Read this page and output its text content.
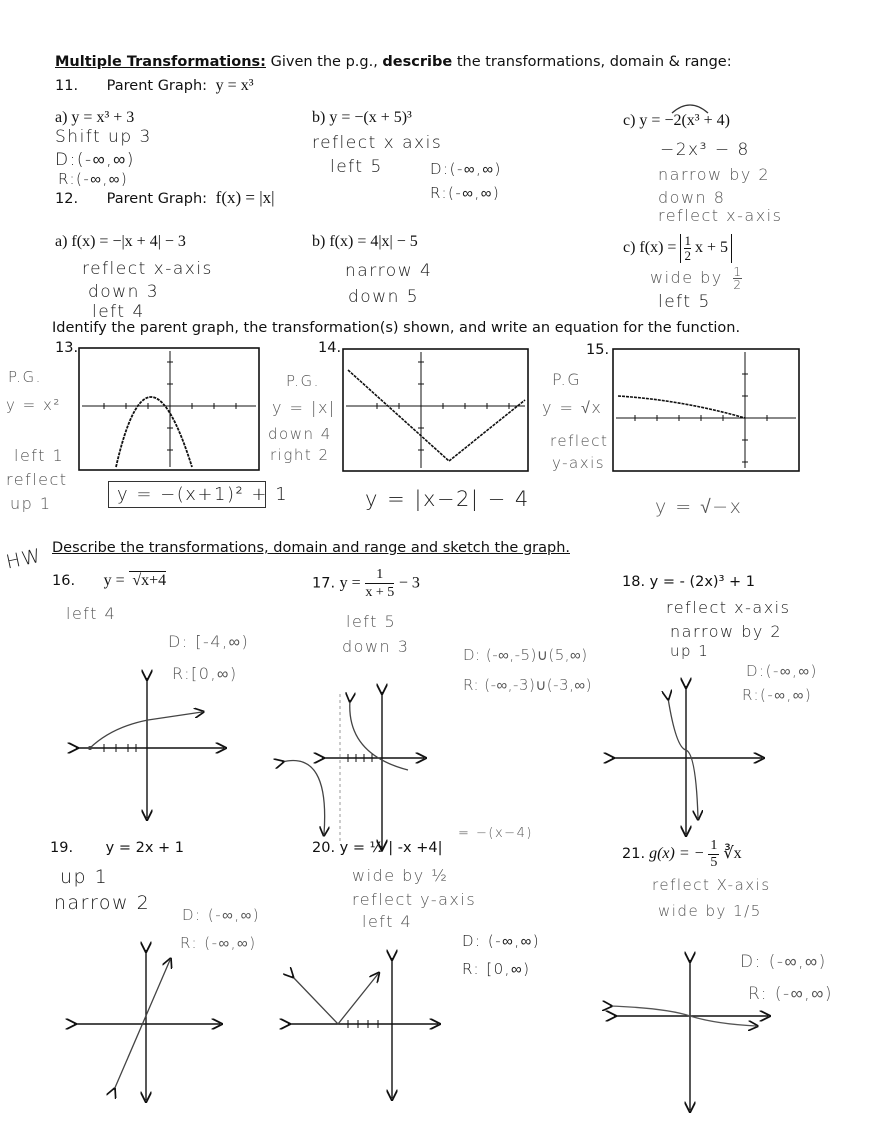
Multiple Transformations: Given the p.g., describe the transformations, domain & range:
11. Parent Graph: y = x³
a) y = x³ + 3
Shift up 3
D:(-∞,∞)
R:(-∞,∞)
b) y = −(x + 5)³
reflect x axis
left 5	D:(-∞,∞)
R:(-∞,∞)
c) y = −2(x³ + 4)
−2x³ − 8
narrow by 2
down 8
reflect x-axis
12. Parent Graph: f(x) = |x|
a) f(x) = −|x + 4| − 3
reflect x-axis
down 3
left 4
b) f(x) = 4|x| − 5
narrow 4
down 5
c) $f(x) = \frac{1}{2}$ x + 5
wide by $\frac{1}{2}$
left 5
Identify the parent graph, the transformation(s) shown, and write an equation for the function.
13.	14.	15.
P.G.
y = x²
left 1
reflect
up 1	y = −(x+1)² + 1
P.G.
y = |x|
down 4
right 2
y = |x−2| − 4
P.G
y = √x
reflect
y-axis
y = √−x
HW Describe the transformations, domain and range and sketch the graph.
16. y = √x+4
left 4
D: [-4,∞)
R:[0,∞)
17. $y = \frac{1}{x + 5} - 3$
left 5
down 3	D: (-∞,-5)∪(5,∞)
R: (-∞,-3)∪(-3,∞)
18. y = - (2x)³ + 1
reflect x-axis
narrow by 2
up 1
D:(-∞,∞)
R:(-∞,∞)
19. y = 2x + 1
up 1
narrow 2
D: (-∞,∞)
R: (-∞,∞)
20. y = ½ | -x +4|
= −(x−4)
wide by ½
reflect y-axis
left 4
D: (-∞,∞)
R: [0,∞)
21. g(x) = − $\frac{1}{5}$ ∛x
reflect X-axis
wide by 1/5
D: (-∞,∞)
R: (-∞,∞)
